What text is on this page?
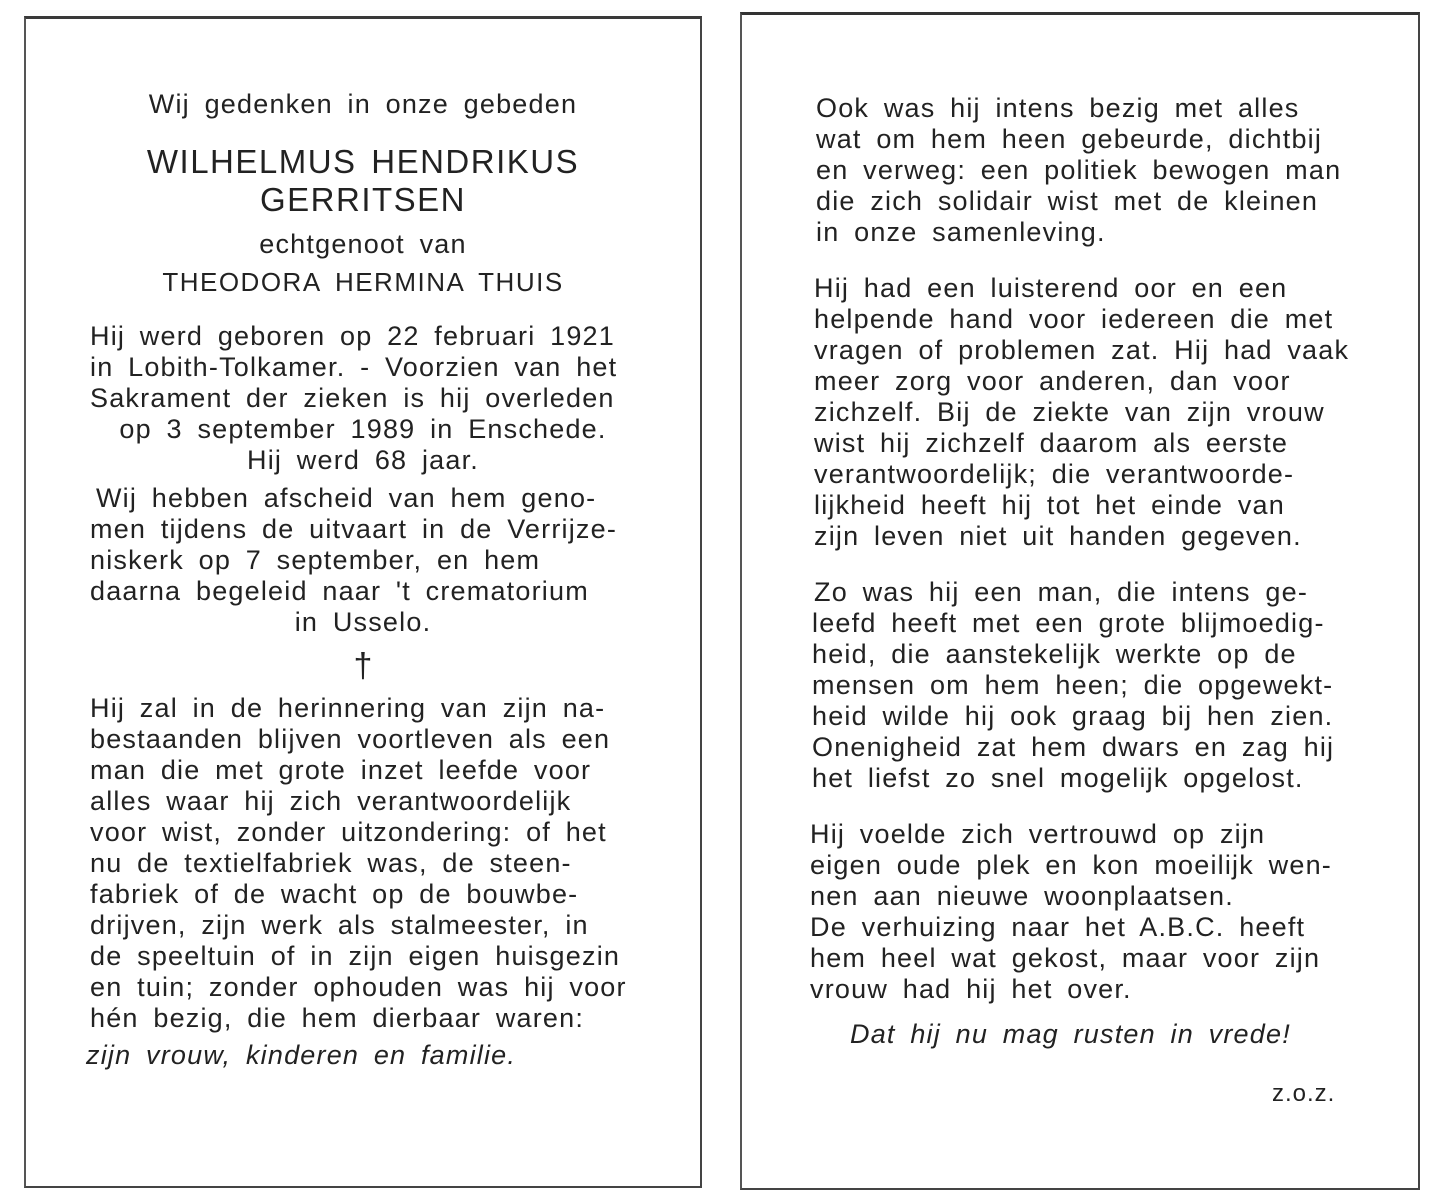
Wij gedenken in onze gebeden
WILHELMUS HENDRIKUS
GERRITSEN
echtgenoot van
THEODORA HERMINA THUIS
Hij werd geboren op 22 februari 1921
in Lobith-Tolkamer. - Voorzien van het
Sakrament der zieken is hij overleden
op 3 september 1989 in Enschede.
Hij werd 68 jaar.
Wij hebben afscheid van hem geno-
men tijdens de uitvaart in de Verrijze-
niskerk op 7 september, en hem
daarna begeleid naar 't crematorium
in Usselo.
†
Hij zal in de herinnering van zijn na-
bestaanden blijven voortleven als een
man die met grote inzet leefde voor
alles waar hij zich verantwoordelijk
voor wist, zonder uitzondering: of het
nu de textielfabriek was, de steen-
fabriek of de wacht op de bouwbe-
drijven, zijn werk als stalmeester, in
de speeltuin of in zijn eigen huisgezin
en tuin; zonder ophouden was hij voor
hén bezig, die hem dierbaar waren:
zijn vrouw, kinderen en familie.
Ook was hij intens bezig met alles
wat om hem heen gebeurde, dichtbij
en verweg: een politiek bewogen man
die zich solidair wist met de kleinen
in onze samenleving.
Hij had een luisterend oor en een
helpende hand voor iedereen die met
vragen of problemen zat. Hij had vaak
meer zorg voor anderen, dan voor
zichzelf. Bij de ziekte van zijn vrouw
wist hij zichzelf daarom als eerste
verantwoordelijk; die verantwoorde-
lijkheid heeft hij tot het einde van
zijn leven niet uit handen gegeven.
Zo was hij een man, die intens ge-
leefd heeft met een grote blijmoedig-
heid, die aanstekelijk werkte op de
mensen om hem heen; die opgewekt-
heid wilde hij ook graag bij hen zien.
Onenigheid zat hem dwars en zag hij
het liefst zo snel mogelijk opgelost.
Hij voelde zich vertrouwd op zijn
eigen oude plek en kon moeilijk wen-
nen aan nieuwe woonplaatsen.
De verhuizing naar het A.B.C. heeft
hem heel wat gekost, maar voor zijn
vrouw had hij het over.
Dat hij nu mag rusten in vrede!
z.o.z.
